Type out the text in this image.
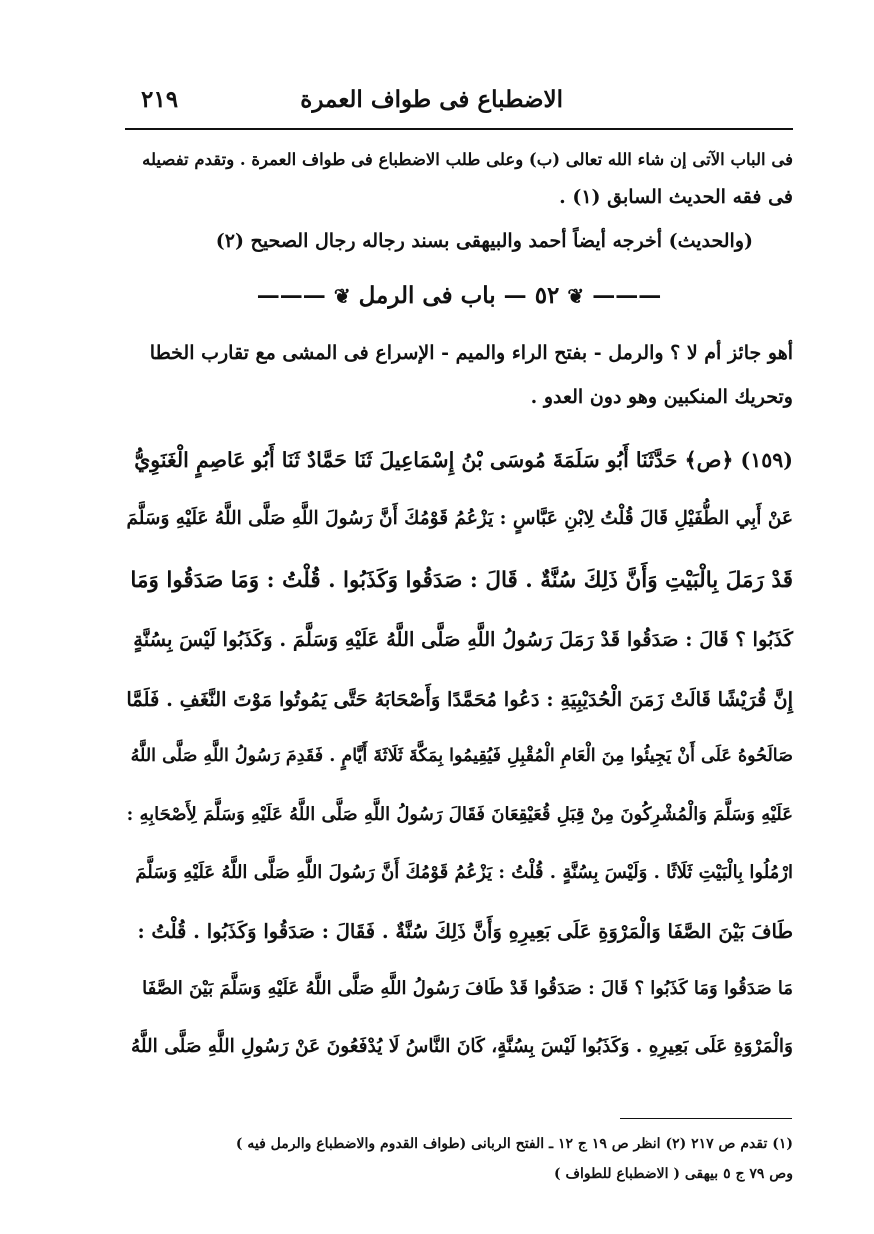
الاضطباع فى طواف العمرة
٢١٩
فى الباب الآتى إن شاء الله تعالى (ب) وعلى طلب الاضطباع فى طواف العمرة . وتقدم تفصيله
فى فقه الحديث السابق (١) .
(والحديث) أخرجه أيضاً أحمد والبيهقى بسند رجاله رجال الصحيح (٢)
——— ❦ ٥٢ — باب فى الرمل ❦ ———
أهو جائز أم لا ؟ والرمل - بفتح الراء والميم - الإسراع فى المشى مع تقارب الخطا
وتحريك المنكبين وهو دون العدو .
(١٥٩) ﴿ص﴾ حَدَّثَنَا أَبُو سَلَمَةَ مُوسَى بْنُ إِسْمَاعِيلَ ثَنَا حَمَّادٌ ثَنَا أَبُو عَاصِمٍ الْغَنَوِيُّ
عَنْ أَبِي الطُّفَيْلِ قَالَ قُلْتُ لِابْنِ عَبَّاسٍ : يَزْعُمُ قَوْمُكَ أَنَّ رَسُولَ اللَّهِ صَلَّى اللَّهُ عَلَيْهِ وَسَلَّمَ
قَدْ رَمَلَ بِالْبَيْتِ وَأَنَّ ذَلِكَ سُنَّةٌ . قَالَ : صَدَقُوا وَكَذَبُوا . قُلْتُ : وَمَا صَدَقُوا وَمَا
كَذَبُوا ؟ قَالَ : صَدَقُوا قَدْ رَمَلَ رَسُولُ اللَّهِ صَلَّى اللَّهُ عَلَيْهِ وَسَلَّمَ . وَكَذَبُوا لَيْسَ بِسُنَّةٍ
إِنَّ قُرَيْشًا قَالَتْ زَمَنَ الْحُدَيْبِيَةِ : دَعُوا مُحَمَّدًا وَأَصْحَابَهُ حَتَّى يَمُوتُوا مَوْتَ النَّغَفِ . فَلَمَّا
صَالَحُوهُ عَلَى أَنْ يَجِيئُوا مِنَ الْعَامِ الْمُقْبِلِ فَيُقِيمُوا بِمَكَّةَ ثَلَاثَةَ أَيَّامٍ . فَقَدِمَ رَسُولُ اللَّهِ صَلَّى اللَّهُ
عَلَيْهِ وَسَلَّمَ وَالْمُشْرِكُونَ مِنْ قِبَلِ قُعَيْقِعَانَ فَقَالَ رَسُولُ اللَّهِ صَلَّى اللَّهُ عَلَيْهِ وَسَلَّمَ لِأَصْحَابِهِ :
ارْمُلُوا بِالْبَيْتِ ثَلَاثًا . وَلَيْسَ بِسُنَّةٍ . قُلْتُ : يَزْعُمُ قَوْمُكَ أَنَّ رَسُولَ اللَّهِ صَلَّى اللَّهُ عَلَيْهِ وَسَلَّمَ
طَافَ بَيْنَ الصَّفَا وَالْمَرْوَةِ عَلَى بَعِيرِهِ وَأَنَّ ذَلِكَ سُنَّةٌ . فَقَالَ : صَدَقُوا وَكَذَبُوا . قُلْتُ :
مَا صَدَقُوا وَمَا كَذَبُوا ؟ قَالَ : صَدَقُوا قَدْ طَافَ رَسُولُ اللَّهِ صَلَّى اللَّهُ عَلَيْهِ وَسَلَّمَ بَيْنَ الصَّفَا
وَالْمَرْوَةِ عَلَى بَعِيرِهِ . وَكَذَبُوا لَيْسَ بِسُنَّةٍ، كَانَ النَّاسُ لَا يُدْفَعُونَ عَنْ رَسُولِ اللَّهِ صَلَّى اللَّهُ
(١) تقدم ص ٢١٧ (٢) انظر ص ١٩ ج ١٢ ـ الفتح الربانى (طواف القدوم والاضطباع والرمل فيه )
وص ٧٩ ج ٥ بيهقى ( الاضطباع للطواف )
